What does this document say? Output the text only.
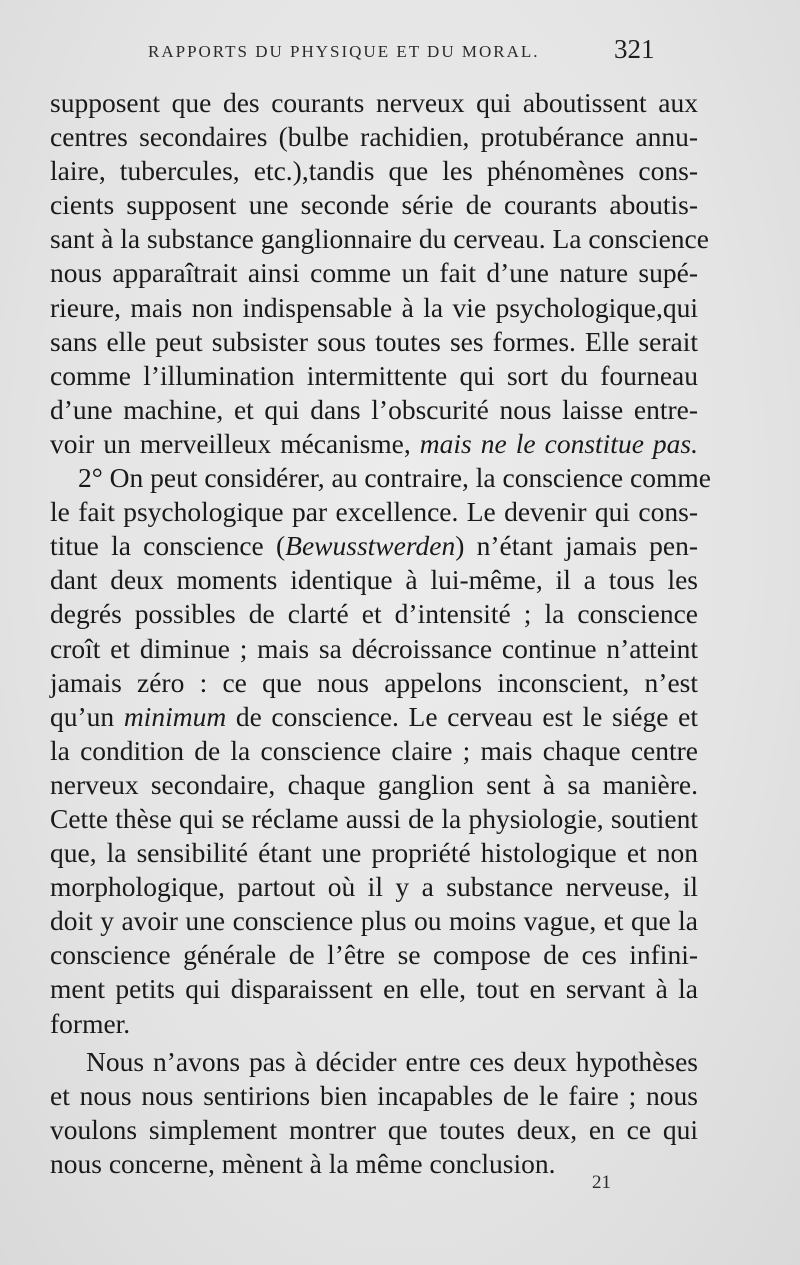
RAPPORTS DU PHYSIQUE ET DU MORAL.	321
supposent que des courants nerveux qui aboutissent aux
centres secondaires (bulbe rachidien, protubérance annu-
laire, tubercules, etc.),tandis que les phénomènes cons-
cients supposent une seconde série de courants aboutis-
sant à la substance ganglionnaire du cerveau. La conscience
nous apparaîtrait ainsi comme un fait d’une nature supé-
rieure, mais non indispensable à la vie psychologique,qui
sans elle peut subsister sous toutes ses formes. Elle serait
comme l’illumination intermittente qui sort du fourneau
d’une machine, et qui dans l’obscurité nous laisse entre-
voir un merveilleux mécanisme, mais ne le constitue pas.
2° On peut considérer, au contraire, la conscience comme
le fait psychologique par excellence. Le devenir qui cons-
titue la conscience (Bewusstwerden) n’étant jamais pen-
dant deux moments identique à lui-même, il a tous les
degrés possibles de clarté et d’intensité ; la conscience
croît et diminue ; mais sa décroissance continue n’atteint
jamais zéro : ce que nous appelons inconscient, n’est
qu’un minimum de conscience. Le cerveau est le siége et
la condition de la conscience claire ; mais chaque centre
nerveux secondaire, chaque ganglion sent à sa manière.
Cette thèse qui se réclame aussi de la physiologie, soutient
que, la sensibilité étant une propriété histologique et non
morphologique, partout où il y a substance nerveuse, il
doit y avoir une conscience plus ou moins vague, et que la
conscience générale de l’être se compose de ces infini-
ment petits qui disparaissent en elle, tout en servant à la
former.
Nous n’avons pas à décider entre ces deux hypothèses
et nous nous sentirions bien incapables de le faire ; nous
voulons simplement montrer que toutes deux, en ce qui
nous concerne, mènent à la même conclusion.
21
